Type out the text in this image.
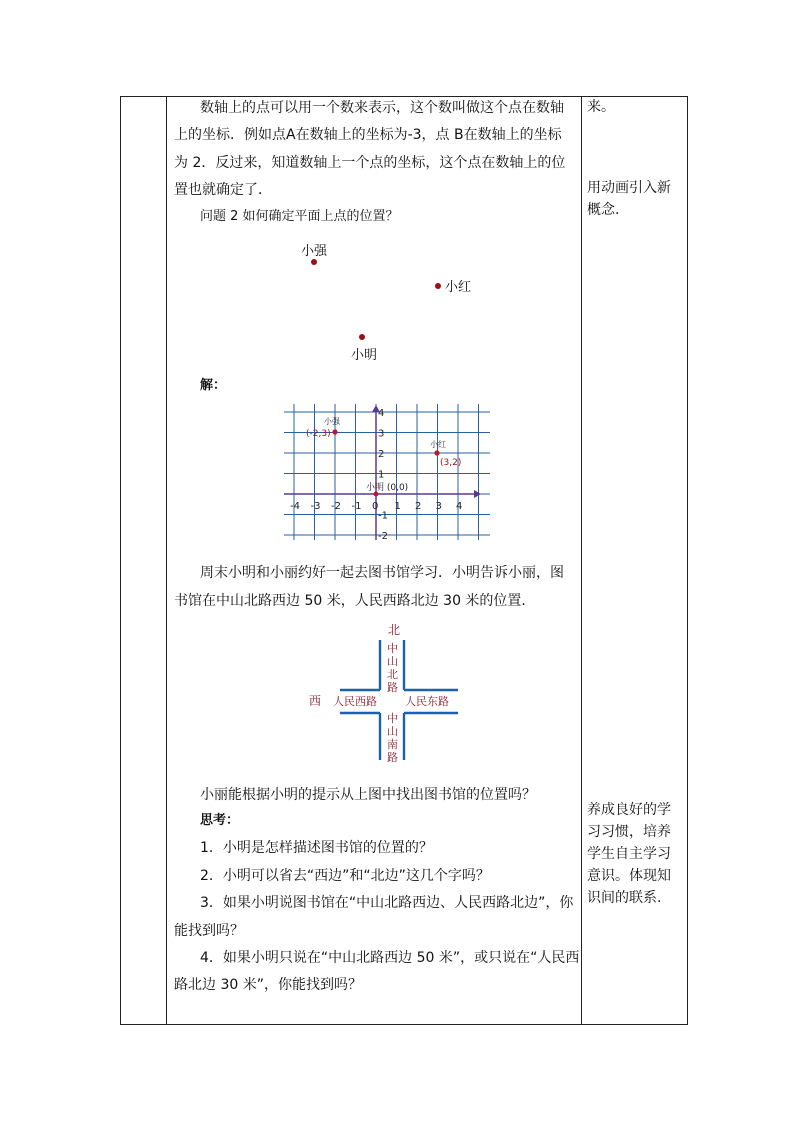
数轴上的点可以用一个数来表示，这个数叫做这个点在数轴
上的坐标．例如点A在数轴上的坐标为-3，点 B在数轴上的坐标
为 2．反过来，知道数轴上一个点的坐标，这个点在数轴上的位
置也就确定了．
问题 2 如何确定平面上点的位置？
小强
小红
小明
解：
-4 -3 -2 -1 0 1 2 3 4
4
3
2
1
-1
-2
小强
(-2,3)
小红
(3,2)
小明 (0,0)
周末小明和小丽约好一起去图书馆学习．小明告诉小丽，图
书馆在中山北路西边 50 米，人民西路北边 30 米的位置．
北
西
中
山
北
路
中
山
南
路
人民西路	人民东路
小丽能根据小明的提示从上图中找出图书馆的位置吗？
思考：
1．小明是怎样描述图书馆的位置的？
2．小明可以省去“西边”和“北边”这几个字吗？
3．如果小明说图书馆在“中山北路西边、人民西路北边”，你
能找到吗？
4．如果小明只说在“中山北路西边 50 米”，或只说在“人民西
路北边 30 米”，你能找到吗？
来。
用动画引入新
概念.
养成良好的学
习习惯，培养
学生自主学习
意识。体现知
识间的联系.
